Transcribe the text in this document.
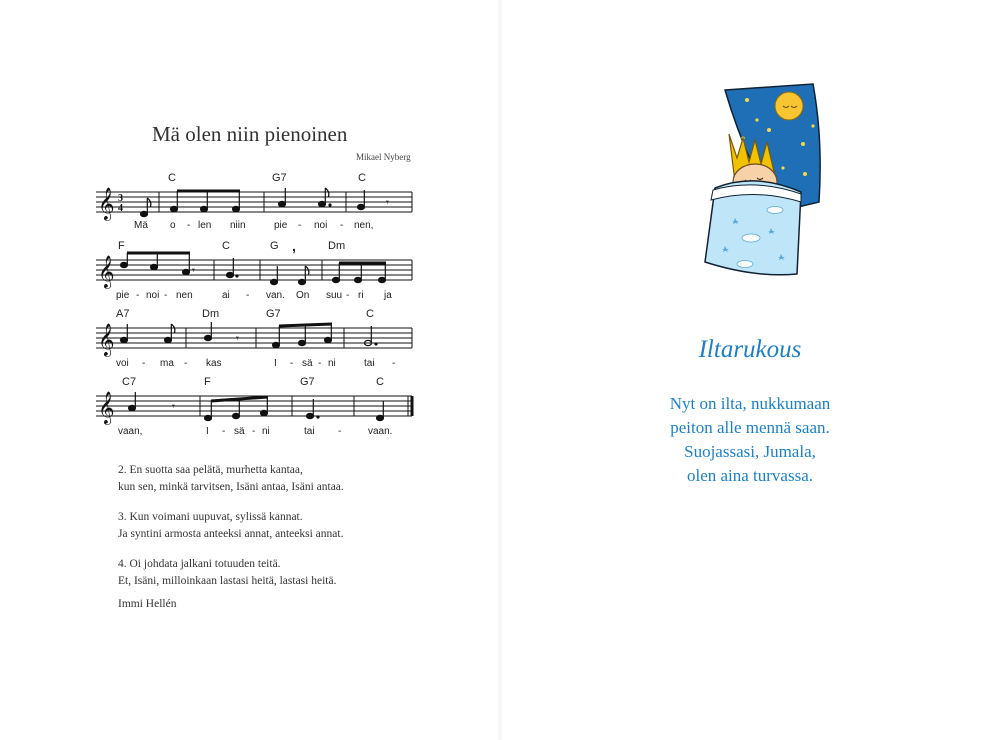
Mä olen niin pienoinen
Mikael Nyberg
C	G7	C
𝄞 3
4	𝄾
Mä o - len niin	pie - noi - nen,
F	C	G ,	Dm
𝄞	𝄾
pie - noi - nen	ai - van. On suu - ri ja
A7	Dm	G7	C
𝄞	𝄾
voi - ma - kas	I - sä - ni	tai -
C7	F	G7	C
𝄞	𝄾
vaan,	I - sä - ni	tai -	vaan.
2. En suotta saa pelätä, murhetta kantaa,
kun sen, minkä tarvitsen, Isäni antaa, Isäni antaa.
3. Kun voimani uupuvat, sylissä kannat.
Ja syntini armosta anteeksi annat, anteeksi annat.
4. Oi johdata jalkani totuuden teitä.
Et, Isäni, milloinkaan lastasi heitä, lastasi heitä.
Immi Hellén
Iltarukous
Nyt on ilta, nukkumaan
peiton alle mennä saan.
Suojassasi, Jumala,
olen aina turvassa.
